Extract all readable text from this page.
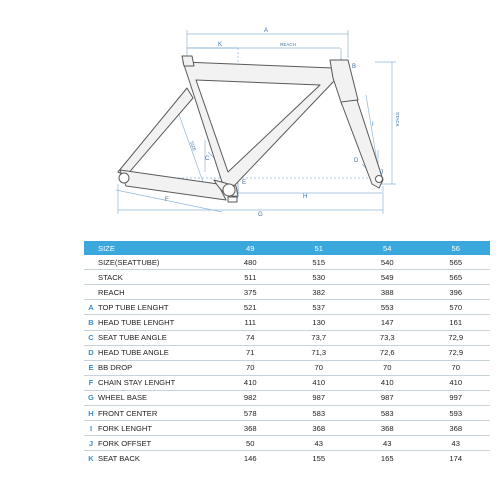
A
REACH
K
B
STACK
I
J
C
SIZE
D
E
H
F
G
	SIZE	49	51	54	56
	SIZE(SEATTUBE)	480	515	540	565
	STACK	511	530	549	565
	REACH	375	382	388	396
A	TOP TUBE LENGHT	521	537	553	570
B	HEAD TUBE LENGHT	111	130	147	161
C	SEAT TUBE ANGLE	74	73,7	73,3	72,9
D	HEAD TUBE ANGLE	71	71,3	72,6	72,9
E	BB DROP	70	70	70	70
F	CHAIN STAY LENGHT	410	410	410	410
G	WHEEL BASE	982	987	987	997
H	FRONT CENTER	578	583	583	593
I	FORK LENGHT	368	368	368	368
J	FORK OFFSET	50	43	43	43
K	SEAT BACK	146	155	165	174
